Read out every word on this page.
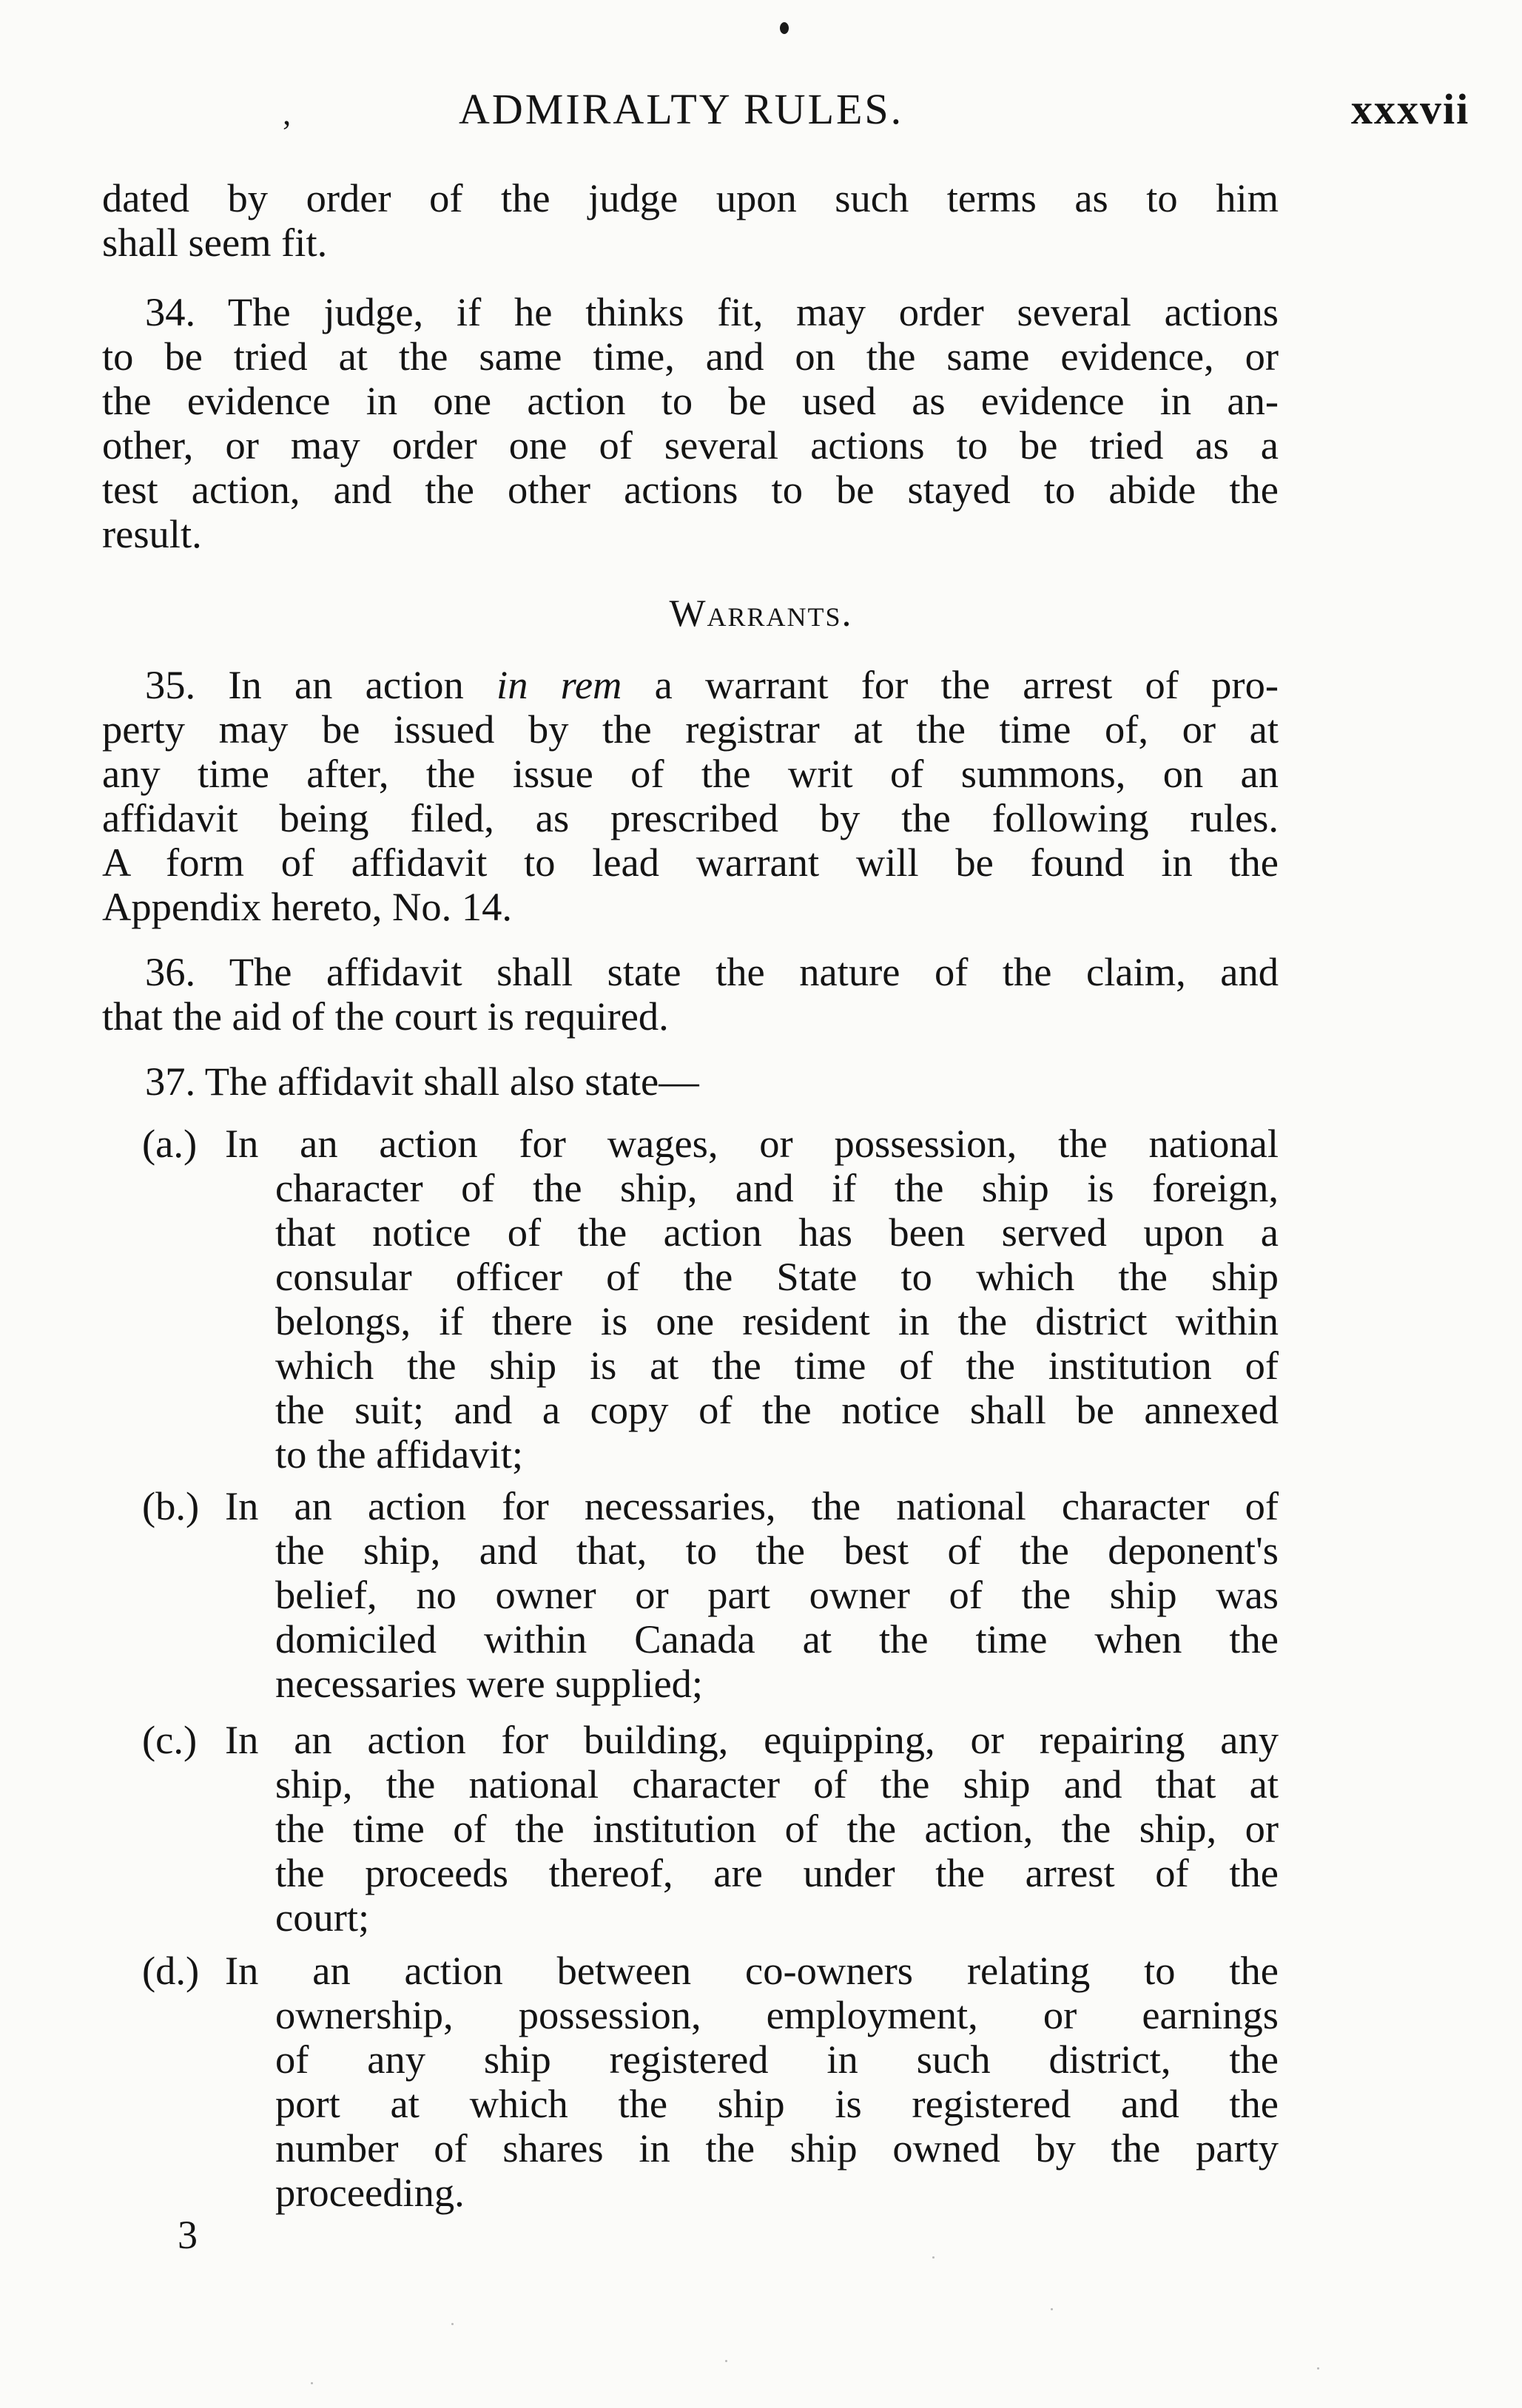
‚	ADMIRALTY RULES.	xxxvii
dated by order of the judge upon such terms as to him
shall seem fit.
34. The judge, if he thinks fit, may order several actions
to be tried at the same time, and on the same evidence, or
the evidence in one action to be used as evidence in an-
other, or may order one of several actions to be tried as a
test action, and the other actions to be stayed to abide the
result.
Warrants.
35. In an action in rem a warrant for the arrest of pro-
perty may be issued by the registrar at the time of, or at
any time after, the issue of the writ of summons, on an
affidavit being filed, as prescribed by the following rules.
A form of affidavit to lead warrant will be found in the
Appendix hereto, No. 14.
36. The affidavit shall state the nature of the claim, and
that the aid of the court is required.
37. The affidavit shall also state—
(a.) In an action for wages, or possession, the national
character of the ship, and if the ship is foreign,
that notice of the action has been served upon a
consular officer of the State to which the ship
belongs, if there is one resident in the district within
which the ship is at the time of the institution of
the suit; and a copy of the notice shall be annexed
to the affidavit;
(b.) In an action for necessaries, the national character of
the ship, and that, to the best of the deponent's
belief, no owner or part owner of the ship was
domiciled within Canada at the time when the
necessaries were supplied;
(c.) In an action for building, equipping, or repairing any
ship, the national character of the ship and that at
the time of the institution of the action, the ship, or
the proceeds thereof, are under the arrest of the
court;
(d.) In an action between co-owners relating to the
ownership, possession, employment, or earnings
of any ship registered in such district, the
port at which the ship is registered and the
number of shares in the ship owned by the party
proceeding.
3
